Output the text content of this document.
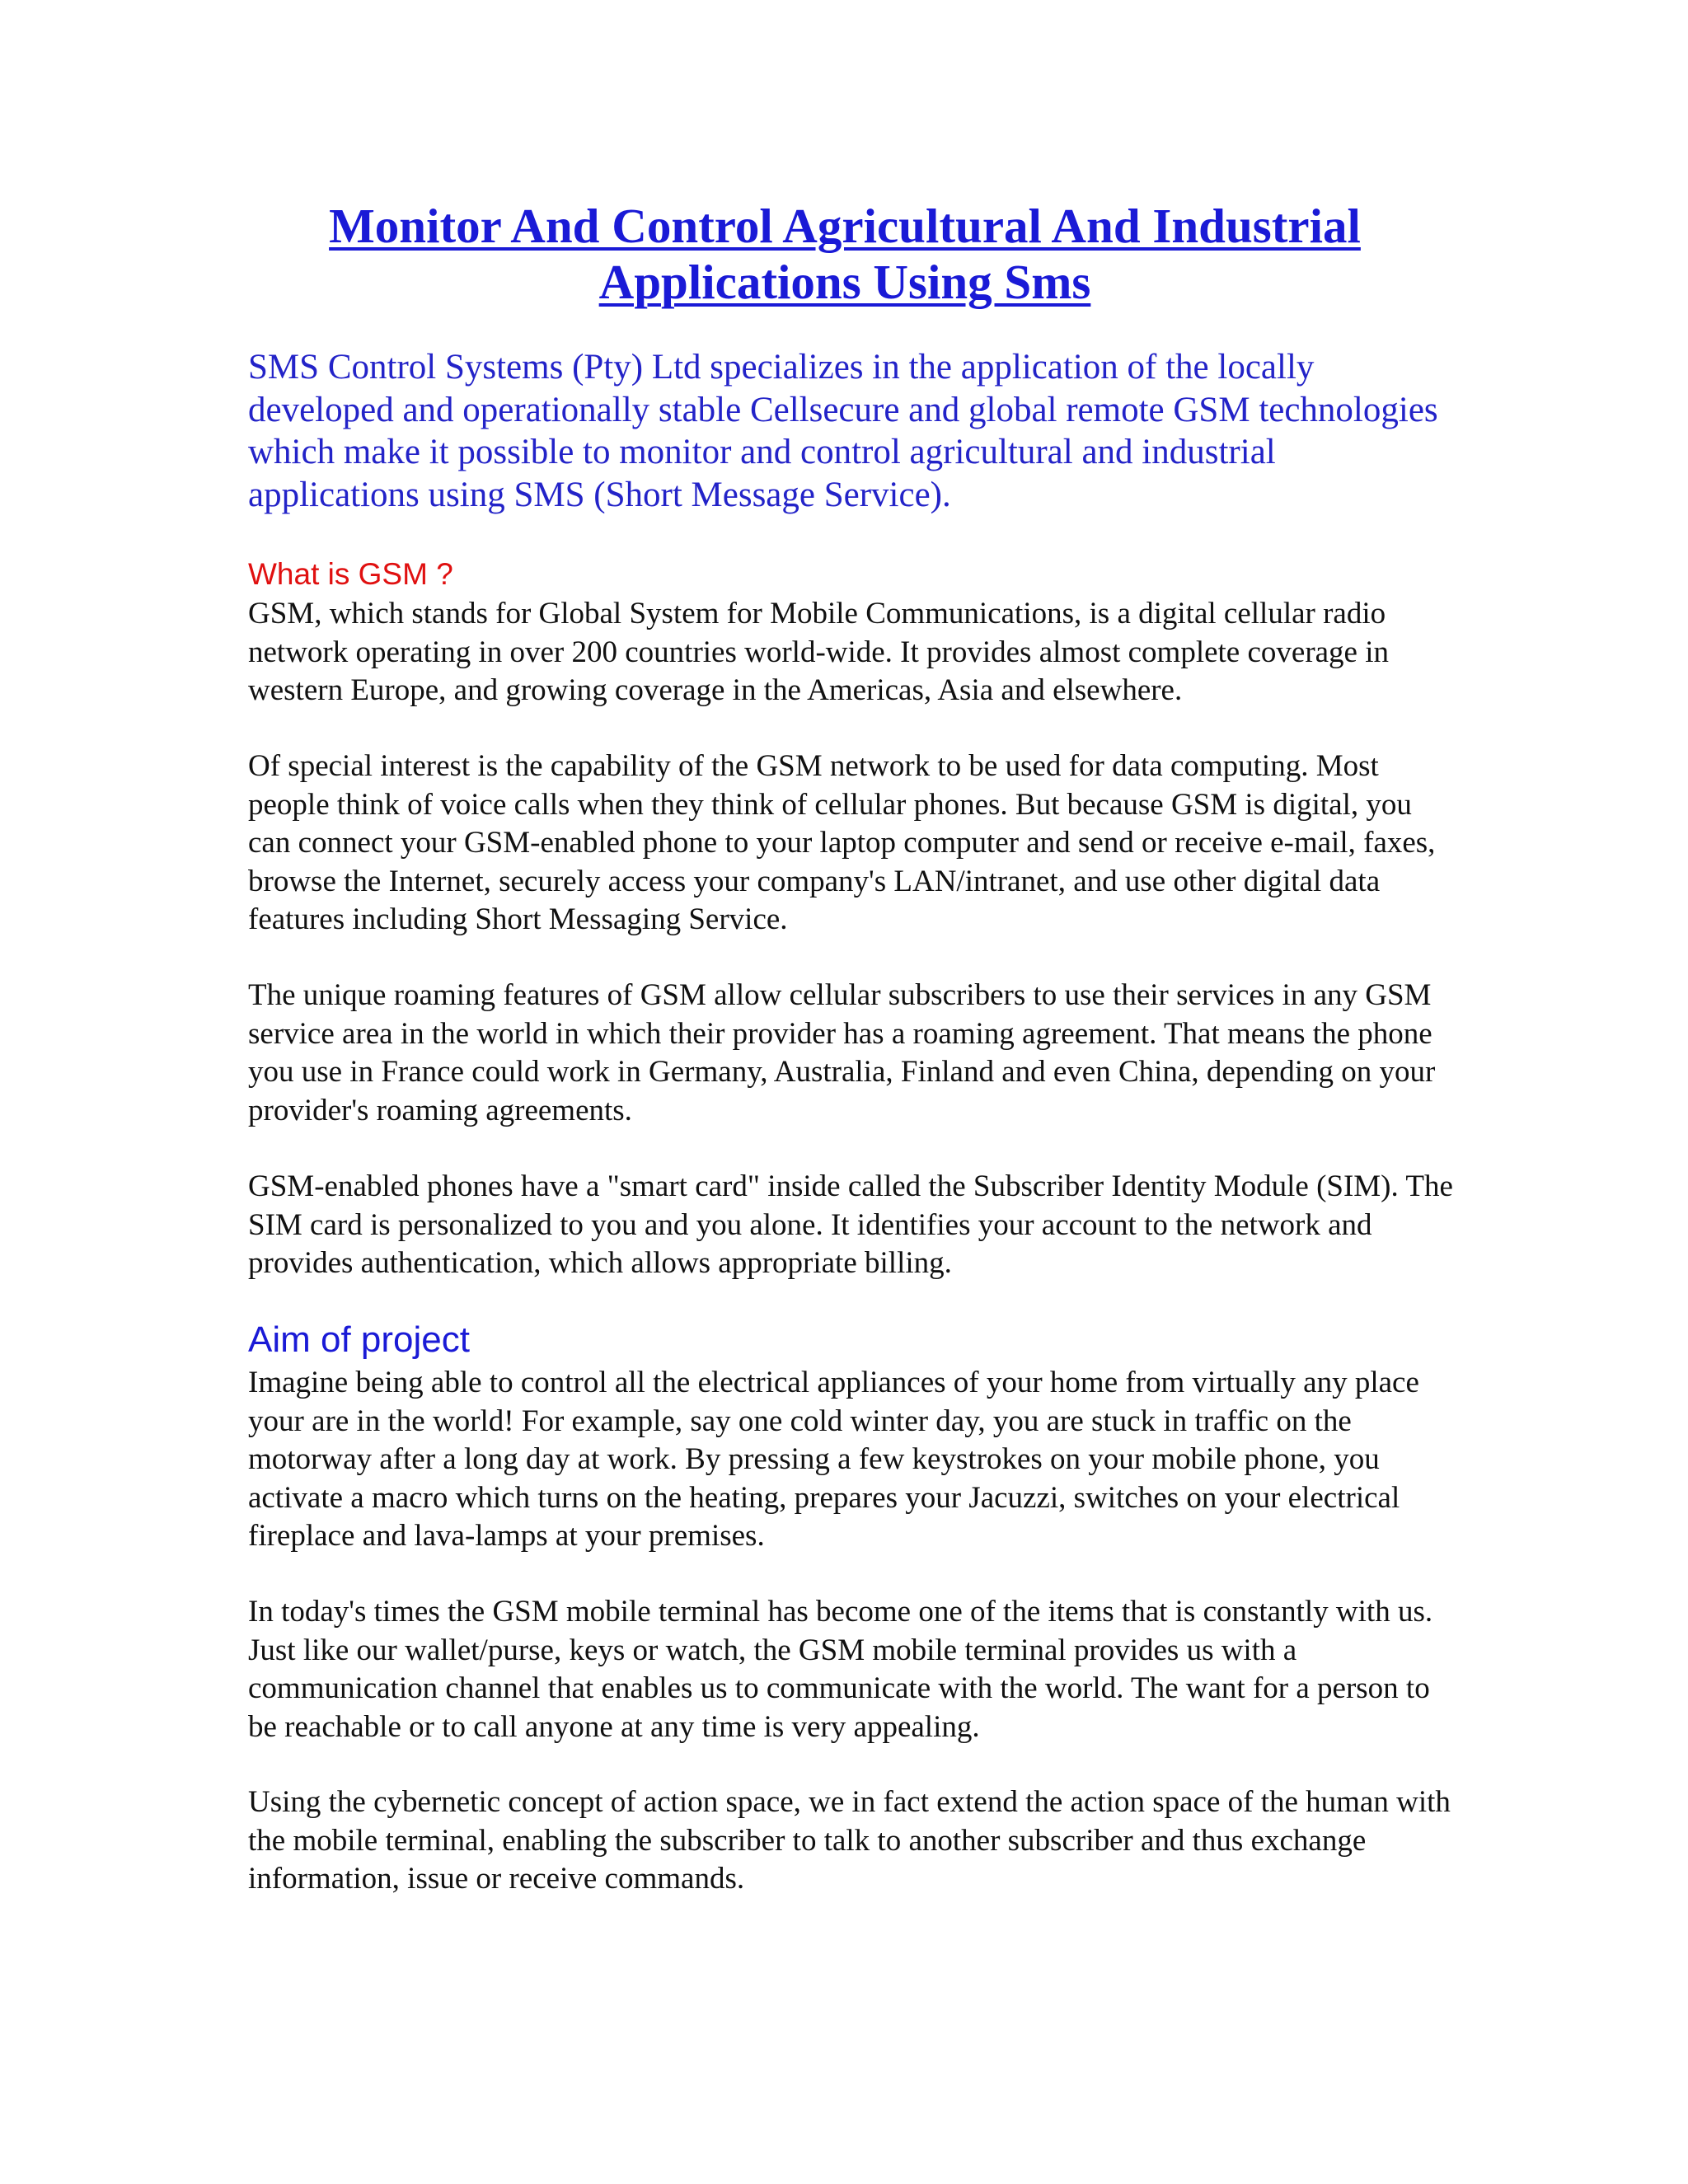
Monitor And Control Agricultural And Industrial Applications Using Sms

SMS Control Systems (Pty) Ltd specializes in the application of the locally developed and operationally stable Cellsecure and global remote GSM technologies which make it possible to monitor and control agricultural and industrial applications using SMS (Short Message Service).

What is GSM ?

GSM, which stands for Global System for Mobile Communications, is a digital cellular radio network operating in over 200 countries world-wide. It provides almost complete coverage in western Europe, and growing coverage in the Americas, Asia and elsewhere.

Of special interest is the capability of the GSM network to be used for data computing. Most people think of voice calls when they think of cellular phones. But because GSM is digital, you can connect your GSM-enabled phone to your laptop computer and send or receive e-mail, faxes, browse the Internet, securely access your company's LAN/intranet, and use other digital data features including Short Messaging Service.

The unique roaming features of GSM allow cellular subscribers to use their services in any GSM service area in the world in which their provider has a roaming agreement. That means the phone you use in France could work in Germany, Australia, Finland and even China, depending on your provider's roaming agreements.

GSM-enabled phones have a "smart card" inside called the Subscriber Identity Module (SIM). The SIM card is personalized to you and you alone. It identifies your account to the network and provides authentication, which allows appropriate billing.

Aim of project

Imagine being able to control all the electrical appliances of your home from virtually any place your are in the world! For example, say one cold winter day, you are stuck in traffic on the motorway after a long day at work. By pressing a few keystrokes on your mobile phone, you activate a macro which turns on the heating, prepares your Jacuzzi, switches on your electrical fireplace and lava-lamps at your premises.

In today's times the GSM mobile terminal has become one of the items that is constantly with us. Just like our wallet/purse, keys or watch, the GSM mobile terminal provides us with a communication channel that enables us to communicate with the world. The want for a person to be reachable or to call anyone at any time is very appealing.

Using the cybernetic concept of action space, we in fact extend the action space of the human with the mobile terminal, enabling the subscriber to talk to another subscriber and thus exchange information, issue or receive commands.
